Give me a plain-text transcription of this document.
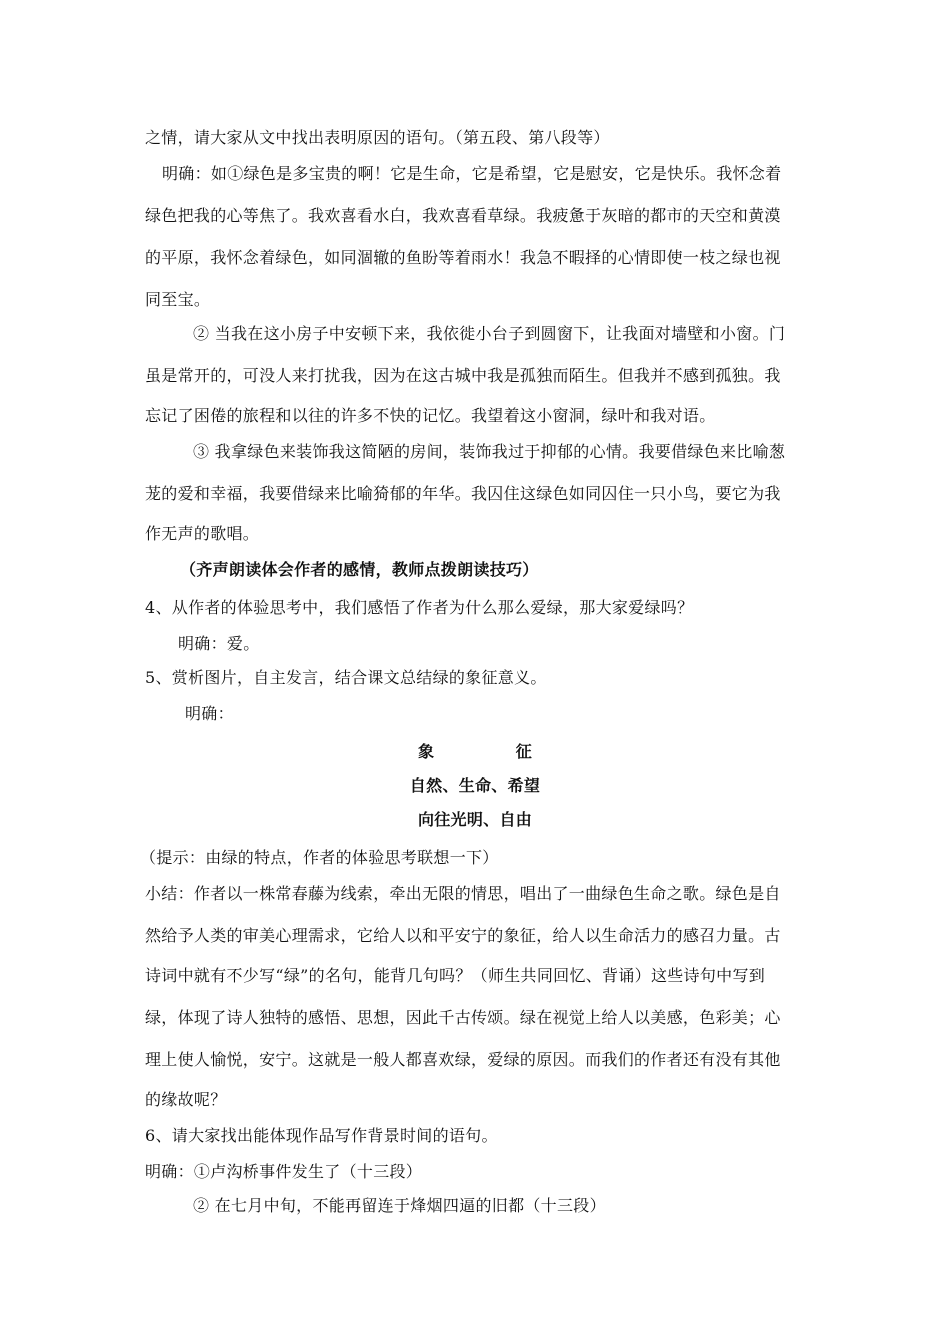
之情，请大家从文中找出表明原因的语句。（第五段、第八段等）
明确：如①绿色是多宝贵的啊！它是生命，它是希望，它是慰安，它是快乐。我怀念着
绿色把我的心等焦了。我欢喜看水白，我欢喜看草绿。我疲惫于灰暗的都市的天空和黄漠
的平原，我怀念着绿色，如同涸辙的鱼盼等着雨水！我急不暇择的心情即使一枝之绿也视
同至宝。
② 当我在这小房子中安顿下来，我依徙小台子到圆窗下，让我面对墙壁和小窗。门
虽是常开的，可没人来打扰我，因为在这古城中我是孤独而陌生。但我并不感到孤独。我
忘记了困倦的旅程和以往的许多不快的记忆。我望着这小窗洞，绿叶和我对语。
③ 我拿绿色来装饰我这简陋的房间，装饰我过于抑郁的心情。我要借绿色来比喻葱
茏的爱和幸福，我要借绿来比喻猗郁的年华。我囚住这绿色如同囚住一只小鸟，要它为我
作无声的歌唱。
（齐声朗读体会作者的感情，教师点拨朗读技巧）
4、从作者的体验思考中，我们感悟了作者为什么那么爱绿，那大家爱绿吗？
明确：爱。
5、赏析图片，自主发言，结合课文总结绿的象征意义。
明确：
象　　　　　征
自然、生命、希望
向往光明、自由
（提示：由绿的特点，作者的体验思考联想一下）
小结：作者以一株常春藤为线索，牵出无限的情思，唱出了一曲绿色生命之歌。绿色是自
然给予人类的审美心理需求，它给人以和平安宁的象征，给人以生命活力的感召力量。古
诗词中就有不少写“绿”的名句，能背几句吗？（师生共同回忆、背诵）这些诗句中写到
绿，体现了诗人独特的感悟、思想，因此千古传颂。绿在视觉上给人以美感，色彩美；心
理上使人愉悦，安宁。这就是一般人都喜欢绿，爱绿的原因。而我们的作者还有没有其他
的缘故呢？
6、请大家找出能体现作品写作背景时间的语句。
明确：①卢沟桥事件发生了（十三段）
② 在七月中旬，不能再留连于烽烟四逼的旧都（十三段）
